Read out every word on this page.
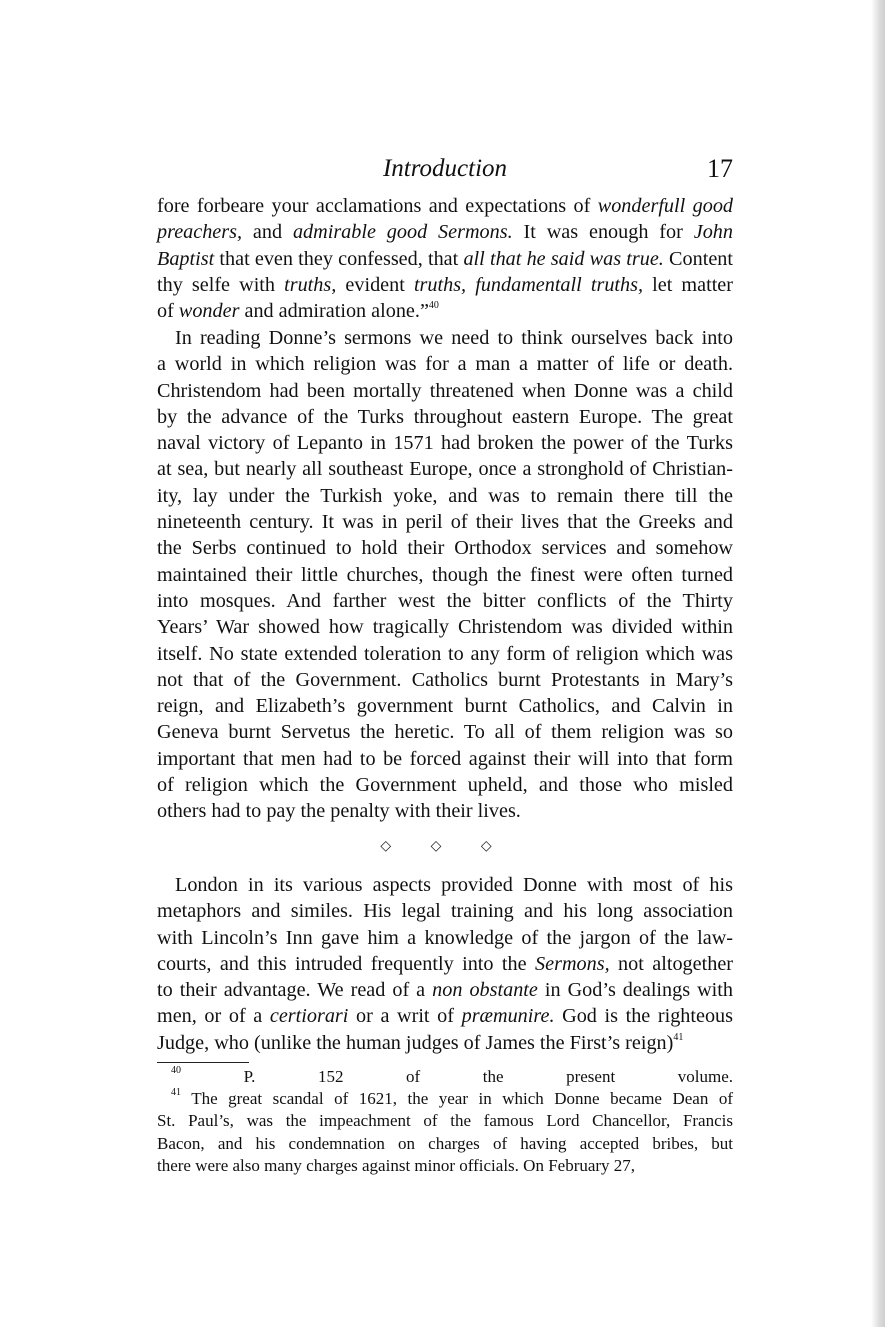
Introduction	17
fore forbeare your acclamations and expectations of wonderfull good
preachers, and admirable good Sermons. It was enough for John
Baptist that even they confessed, that all that he said was true. Content
thy selfe with truths, evident truths, fundamentall truths, let matter
of wonder and admiration alone.”$^{40}$
In reading Donne’s sermons we need to think ourselves back into
a world in which religion was for a man a matter of life or death.
Christendom had been mortally threatened when Donne was a child
by the advance of the Turks throughout eastern Europe. The great
naval victory of Lepanto in 1571 had broken the power of the Turks
at sea, but nearly all southeast Europe, once a stronghold of Christian-
ity, lay under the Turkish yoke, and was to remain there till the
nineteenth century. It was in peril of their lives that the Greeks and
the Serbs continued to hold their Orthodox services and somehow
maintained their little churches, though the finest were often turned
into mosques. And farther west the bitter conflicts of the Thirty
Years’ War showed how tragically Christendom was divided within
itself. No state extended toleration to any form of religion which was
not that of the Government. Catholics burnt Protestants in Mary’s
reign, and Elizabeth’s government burnt Catholics, and Calvin in
Geneva burnt Servetus the heretic. To all of them religion was so
important that men had to be forced against their will into that form
of religion which the Government upheld, and those who misled
others had to pay the penalty with their lives.
◇ ◇ ◇
London in its various aspects provided Donne with most of his
metaphors and similes. His legal training and his long association
with Lincoln’s Inn gave him a knowledge of the jargon of the law-
courts, and this intruded frequently into the Sermons, not altogether
to their advantage. We read of a non obstante in God’s dealings with
men, or of a certiorari or a writ of præmunire. God is the righteous
Judge, who (unlike the human judges of James the First’s reign)$^{41}$
$^{40}$ P. 152 of the present volume.
$^{41}$ The great scandal of 1621, the year in which Donne became Dean of
St. Paul’s, was the impeachment of the famous Lord Chancellor, Francis
Bacon, and his condemnation on charges of having accepted bribes, but
there were also many charges against minor officials. On February 27,
